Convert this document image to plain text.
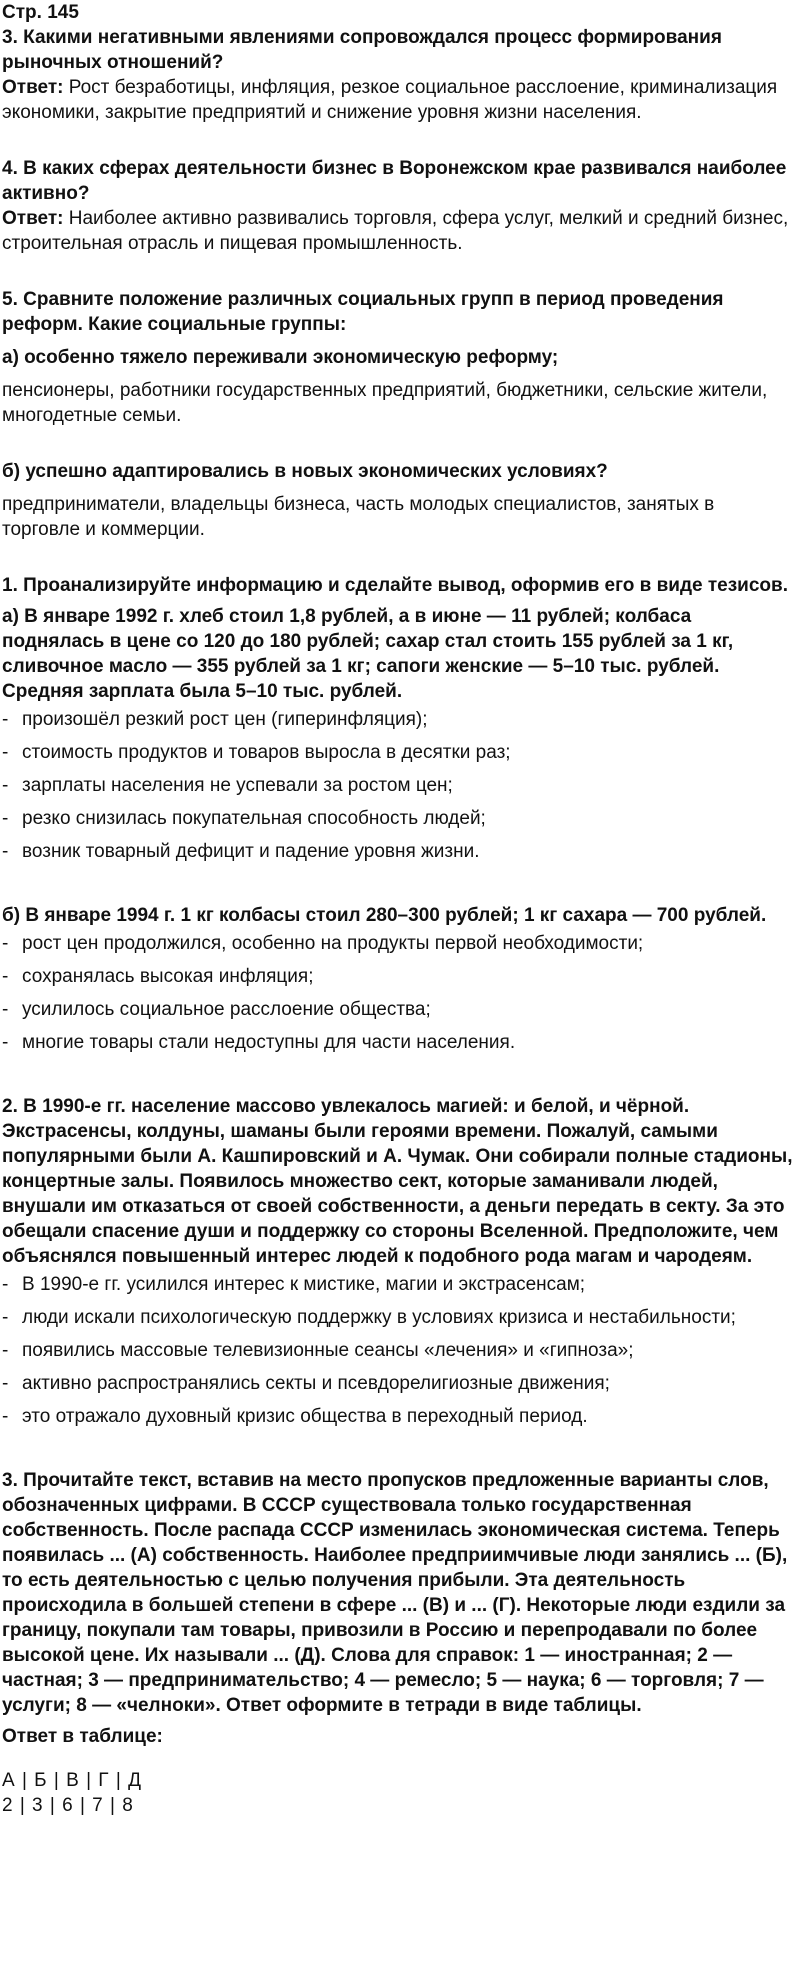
Стр. 145

3. Какими негативными явлениями сопровождался процесс формирования рыночных отношений?

Ответ: Рост безработицы, инфляция, резкое социальное расслоение, криминализация экономики, закрытие предприятий и снижение уровня жизни населения.

4. В каких сферах деятельности бизнес в Воронежском крае развивался наиболее активно?

Ответ: Наиболее активно развивались торговля, сфера услуг, мелкий и средний бизнес, строительная отрасль и пищевая промышленность.

5. Сравните положение различных социальных групп в период проведения реформ. Какие социальные группы:

а) особенно тяжело переживали экономическую реформу;

пенсионеры, работники государственных предприятий, бюджетники, сельские жители, многодетные семьи.

б) успешно адаптировались в новых экономических условиях?

предприниматели, владельцы бизнеса, часть молодых специалистов, занятых в торговле и коммерции.

1. Проанализируйте информацию и сделайте вывод, оформив его в виде тезисов.

а) В январе 1992 г. хлеб стоил 1,8 рублей, а в июне — 11 рублей; колбаса поднялась в цене со 120 до 180 рублей; сахар стал стоить 155 рублей за 1 кг, сливочное масло — 355 рублей за 1 кг; сапоги женские — 5–10 тыс. рублей. Средняя зарплата была 5–10 тыс. рублей.

- произошёл резкий рост цен (гиперинфляция);
- стоимость продуктов и товаров выросла в десятки раз;
- зарплаты населения не успевали за ростом цен;
- резко снизилась покупательная способность людей;
- возник товарный дефицит и падение уровня жизни.

б) В январе 1994 г. 1 кг колбасы стоил 280–300 рублей; 1 кг сахара — 700 рублей.

- рост цен продолжился, особенно на продукты первой необходимости;
- сохранялась высокая инфляция;
- усилилось социальное расслоение общества;
- многие товары стали недоступны для части населения.

2. В 1990-е гг. население массово увлекалось магией: и белой, и чёрной. Экстрасенсы, колдуны, шаманы были героями времени. Пожалуй, самыми популярными были А. Кашпировский и А. Чумак. Они собирали полные стадионы, концертные залы. Появилось множество сект, которые заманивали людей, внушали им отказаться от своей собственности, а деньги передать в секту. За это обещали спасение души и поддержку со стороны Вселенной. Предположите, чем объяснялся повышенный интерес людей к подобного рода магам и чародеям.

- В 1990-е гг. усилился интерес к мистике, магии и экстрасенсам;
- люди искали психологическую поддержку в условиях кризиса и нестабильности;
- появились массовые телевизионные сеансы «лечения» и «гипноза»;
- активно распространялись секты и псевдорелигиозные движения;
- это отражало духовный кризис общества в переходный период.

3. Прочитайте текст, вставив на место пропусков предложенные варианты слов, обозначенных цифрами. В СССР существовала только государственная собственность. После распада СССР изменилась экономическая система. Теперь появилась ... (А) собственность. Наиболее предприимчивые люди занялись ... (Б), то есть деятельностью с целью получения прибыли. Эта деятельность происходила в большей степени в сфере ... (В) и ... (Г). Некоторые люди ездили за границу, покупали там товары, привозили в Россию и перепродавали по более высокой цене. Их называли ... (Д). Слова для справок: 1 — иностранная; 2 — частная; 3 — предпринимательство; 4 — ремесло; 5 — наука; 6 — торговля; 7 — услуги; 8 — «челноки». Ответ оформите в тетради в виде таблицы.

Ответ в таблице:

А | Б | В | Г | Д

2 | 3 | 6 | 7 | 8
